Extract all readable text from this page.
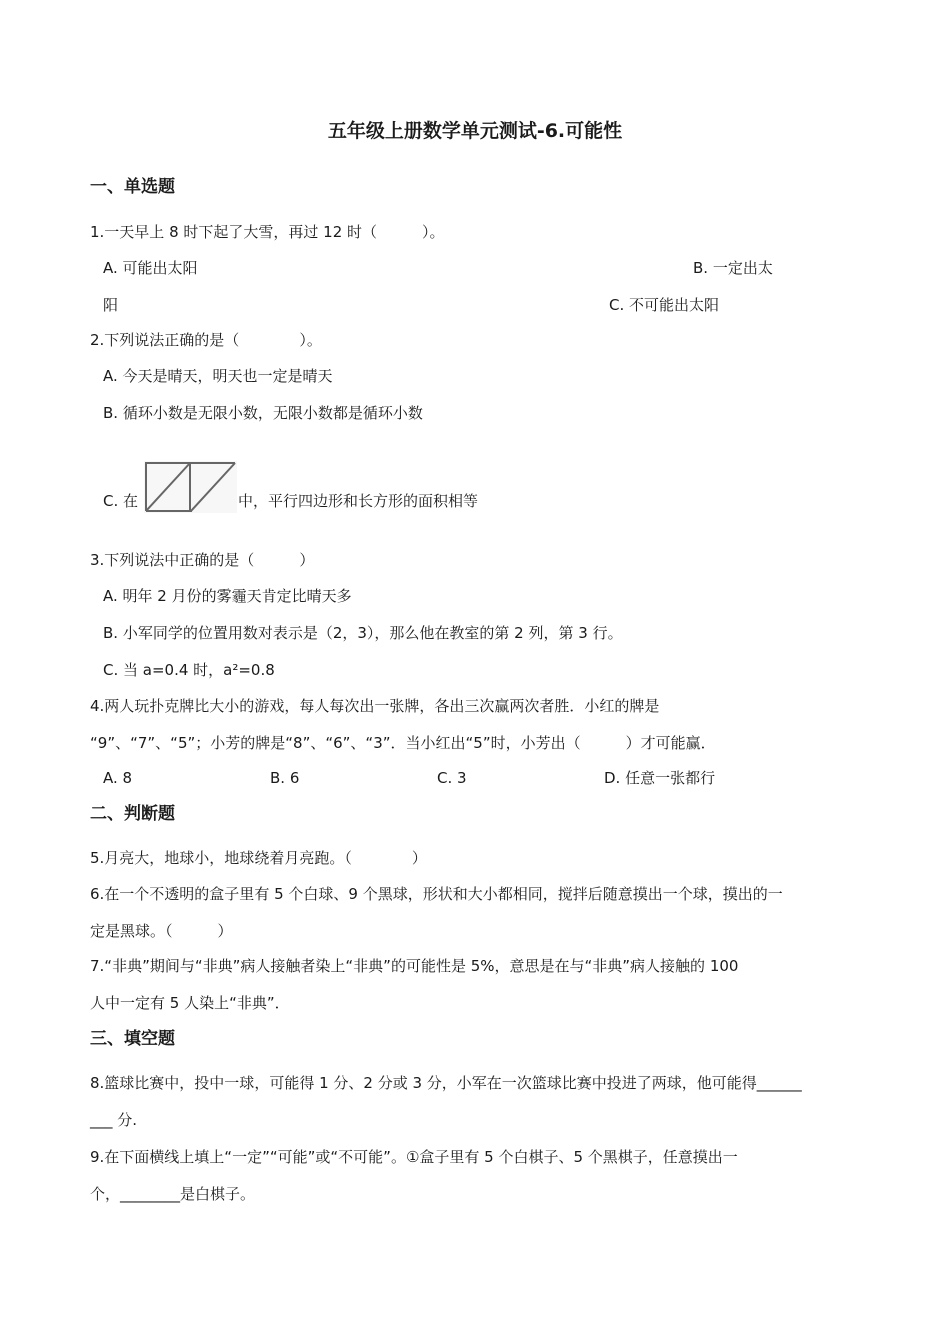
五年级上册数学单元测试-6.可能性
一、单选题
1.一天早上 8 时下起了大雪，再过 12 时（　　　）。
A. 可能出太阳	B. 一定出太
阳	C. 不可能出太阳
2.下列说法正确的是（　　　　）。
A. 今天是晴天，明天也一定是晴天
B. 循环小数是无限小数，无限小数都是循环小数
C. 在	中，平行四边形和长方形的面积相等
3.下列说法中正确的是（　　　）
A. 明年 2 月份的雾霾天肯定比晴天多
B. 小军同学的位置用数对表示是（2，3），那么他在教室的第 2 列，第 3 行。
C. 当 a=0.4 时，a²=0.8
4.两人玩扑克牌比大小的游戏，每人每次出一张牌，各出三次赢两次者胜．小红的牌是
“9”、“7”、“5”；小芳的牌是“8”、“6”、“3”．当小红出“5”时，小芳出（　　　）才可能赢．
A. 8	B. 6	C. 3	D. 任意一张都行
二、判断题
5.月亮大，地球小，地球绕着月亮跑。（　　　　）
6.在一个不透明的盒子里有 5 个白球、9 个黑球，形状和大小都相同，搅拌后随意摸出一个球，摸出的一
定是黑球。（　　　）
7.“非典”期间与“非典”病人接触者染上“非典”的可能性是 5%，意思是在与“非典”病人接触的 100
人中一定有 5 人染上“非典”．
三、填空题
8.篮球比赛中，投中一球，可能得 1 分、2 分或 3 分，小军在一次篮球比赛中投进了两球，他可能得______
___ 分.
9.在下面横线上填上“一定”“可能”或“不可能”。①盒子里有 5 个白棋子、5 个黑棋子，任意摸出一
个，________是白棋子。
